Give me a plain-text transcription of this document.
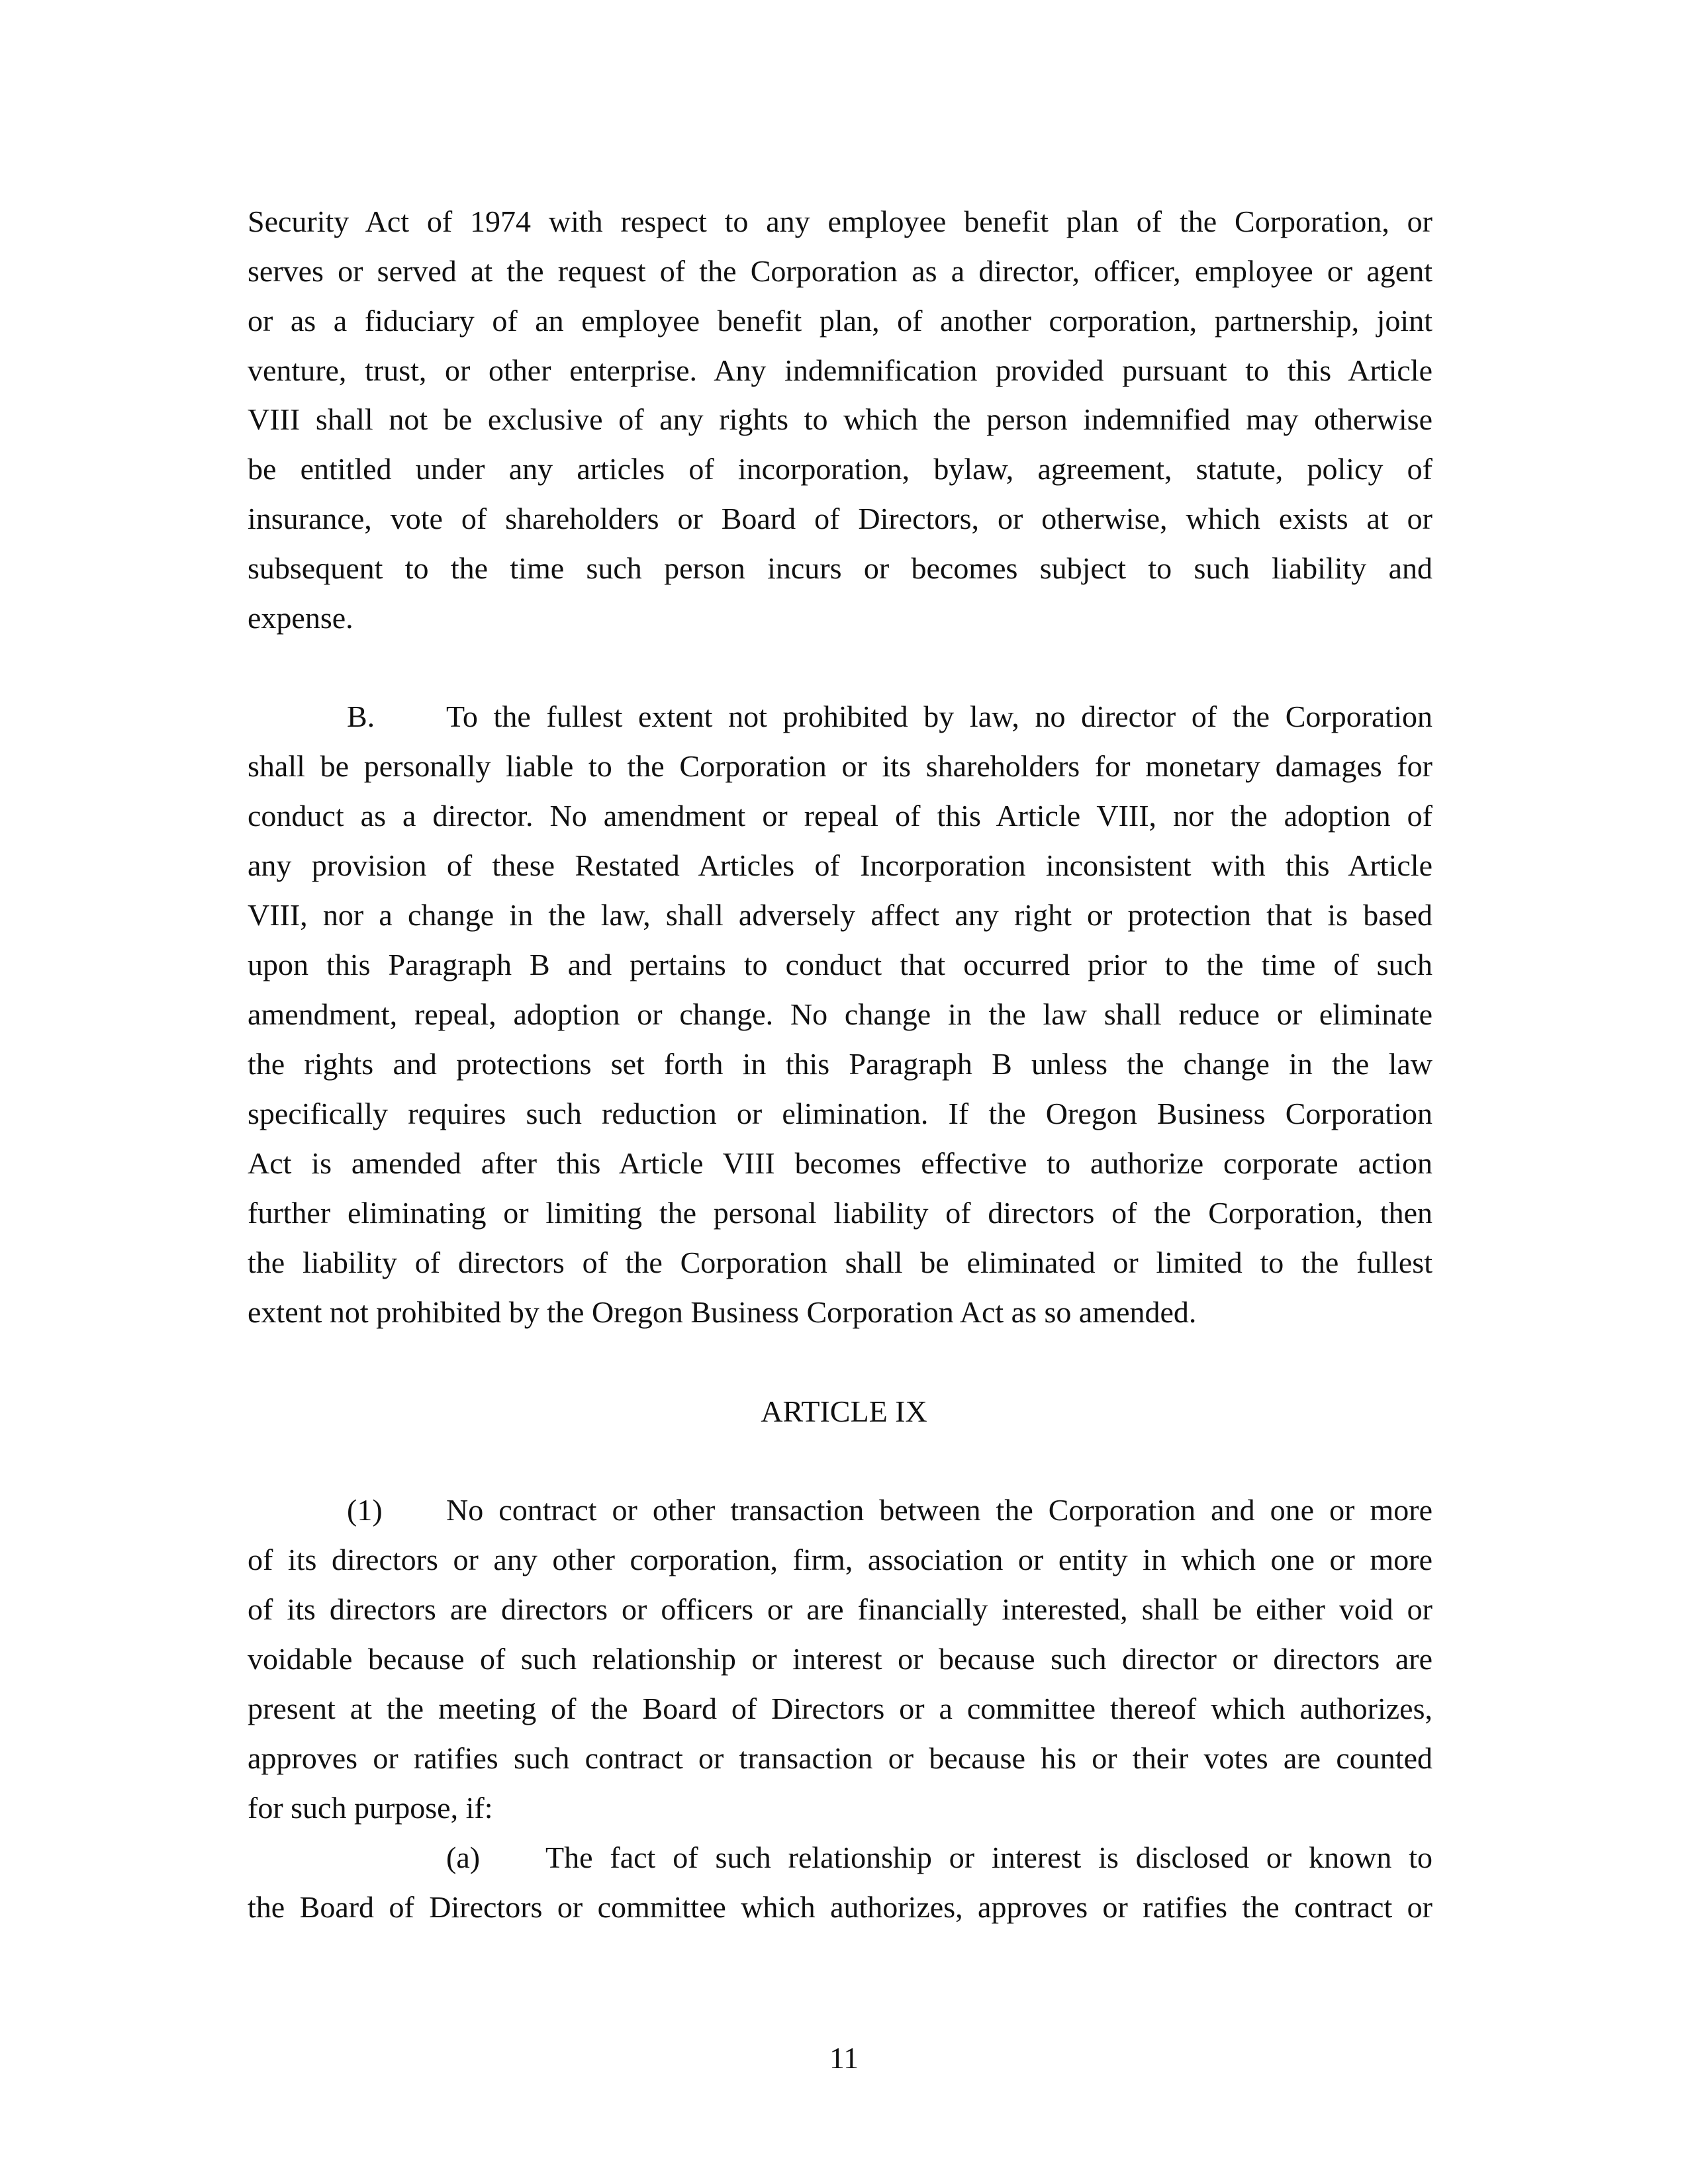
Security Act of 1974 with respect to any employee benefit plan of the Corporation, or
serves or served at the request of the Corporation as a director, officer, employee or agent
or as a fiduciary of an employee benefit plan, of another corporation, partnership, joint
venture, trust, or other enterprise. Any indemnification provided pursuant to this Article
VIII shall not be exclusive of any rights to which the person indemnified may otherwise
be entitled under any articles of incorporation, bylaw, agreement, statute, policy of
insurance, vote of shareholders or Board of Directors, or otherwise, which exists at or
subsequent to the time such person incurs or becomes subject to such liability and
expense.
B. To the fullest extent not prohibited by law, no director of the Corporation
shall be personally liable to the Corporation or its shareholders for monetary damages for
conduct as a director. No amendment or repeal of this Article VIII, nor the adoption of
any provision of these Restated Articles of Incorporation inconsistent with this Article
VIII, nor a change in the law, shall adversely affect any right or protection that is based
upon this Paragraph B and pertains to conduct that occurred prior to the time of such
amendment, repeal, adoption or change. No change in the law shall reduce or eliminate
the rights and protections set forth in this Paragraph B unless the change in the law
specifically requires such reduction or elimination. If the Oregon Business Corporation
Act is amended after this Article VIII becomes effective to authorize corporate action
further eliminating or limiting the personal liability of directors of the Corporation, then
the liability of directors of the Corporation shall be eliminated or limited to the fullest
extent not prohibited by the Oregon Business Corporation Act as so amended.
ARTICLE IX
(1) No contract or other transaction between the Corporation and one or more
of its directors or any other corporation, firm, association or entity in which one or more
of its directors are directors or officers or are financially interested, shall be either void or
voidable because of such relationship or interest or because such director or directors are
present at the meeting of the Board of Directors or a committee thereof which authorizes,
approves or ratifies such contract or transaction or because his or their votes are counted
for such purpose, if:
(a) The fact of such relationship or interest is disclosed or known to
the Board of Directors or committee which authorizes, approves or ratifies the contract or
11
